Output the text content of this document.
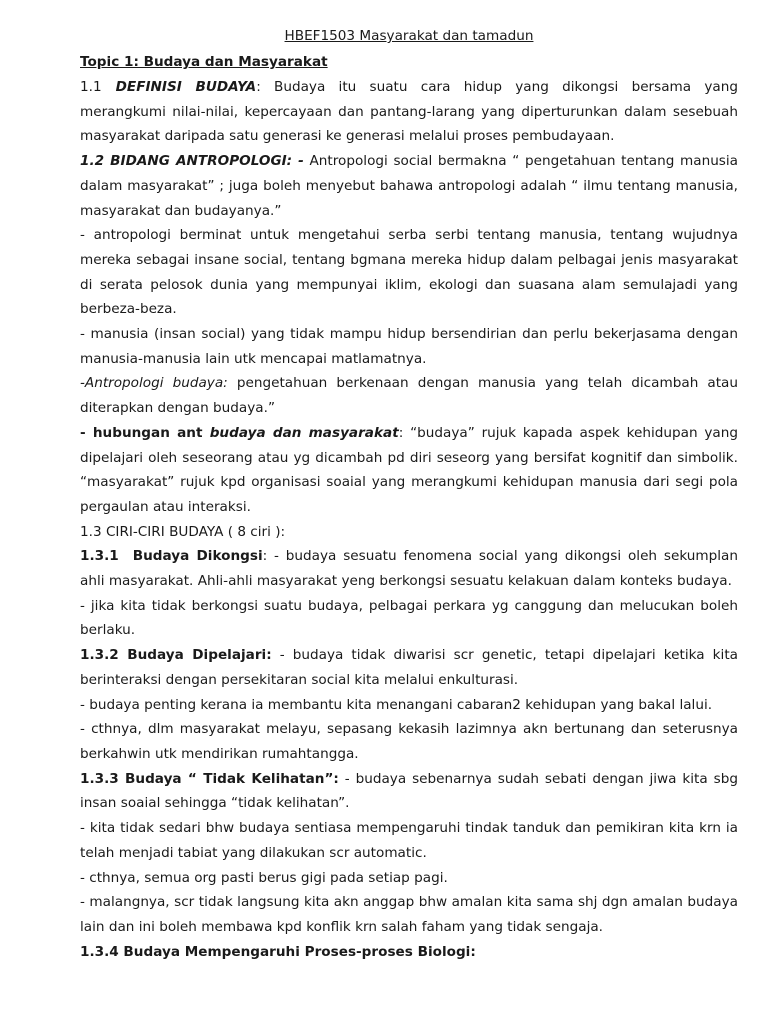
HBEF1503 Masyarakat dan tamadun
Topic 1: Budaya dan Masyarakat

1.1 DEFINISI BUDAYA: Budaya itu suatu cara hidup yang dikongsi bersama yang merangkumi nilai-nilai, kepercayaan dan pantang-larang yang diperturunkan dalam sesebuah masyarakat daripada satu generasi ke generasi melalui proses pembudayaan.

1.2 BIDANG ANTROPOLOGI: - Antropologi social bermakna “ pengetahuan tentang manusia dalam masyarakat” ; juga boleh menyebut bahawa antropologi adalah “ ilmu tentang manusia, masyarakat dan budayanya.”

- antropologi berminat untuk mengetahui serba serbi tentang manusia, tentang wujudnya mereka sebagai insane social, tentang bgmana mereka hidup dalam pelbagai jenis masyarakat di serata pelosok dunia yang mempunyai iklim, ekologi dan suasana alam semulajadi yang berbeza-beza.

- manusia (insan social) yang tidak mampu hidup bersendirian dan perlu bekerjasama dengan manusia-manusia lain utk mencapai matlamatnya.

-Antropologi budaya: pengetahuan berkenaan dengan manusia yang telah dicambah atau diterapkan dengan budaya.”

- hubungan ant budaya dan masyarakat: “budaya” rujuk kapada aspek kehidupan yang dipelajari oleh seseorang atau yg dicambah pd diri seseorg yang bersifat kognitif dan simbolik. “masyarakat” rujuk kpd organisasi soaial yang merangkumi kehidupan manusia dari segi pola pergaulan atau interaksi.

1.3 CIRI-CIRI BUDAYA ( 8 ciri ):

1.3.1 Budaya Dikongsi: - budaya sesuatu fenomena social yang dikongsi oleh sekumplan ahli masyarakat. Ahli-ahli masyarakat yeng berkongsi sesuatu kelakuan dalam konteks budaya.

- jika kita tidak berkongsi suatu budaya, pelbagai perkara yg canggung dan melucukan boleh berlaku.

1.3.2 Budaya Dipelajari: - budaya tidak diwarisi scr genetic, tetapi dipelajari ketika kita berinteraksi dengan persekitaran social kita melalui enkulturasi.

- budaya penting kerana ia membantu kita menangani cabaran2 kehidupan yang bakal lalui.

- cthnya, dlm masyarakat melayu, sepasang kekasih lazimnya akn bertunang dan seterusnya berkahwin utk mendirikan rumahtangga.

1.3.3 Budaya “ Tidak Kelihatan”: - budaya sebenarnya sudah sebati dengan jiwa kita sbg insan soaial sehingga “tidak kelihatan”.

- kita tidak sedari bhw budaya sentiasa mempengaruhi tindak tanduk dan pemikiran kita krn ia telah menjadi tabiat yang dilakukan scr automatic.

- cthnya, semua org pasti berus gigi pada setiap pagi.

- malangnya, scr tidak langsung kita akn anggap bhw amalan kita sama shj dgn amalan budaya lain dan ini boleh membawa kpd konflik krn salah faham yang tidak sengaja.

1.3.4 Budaya Mempengaruhi Proses-proses Biologi:
